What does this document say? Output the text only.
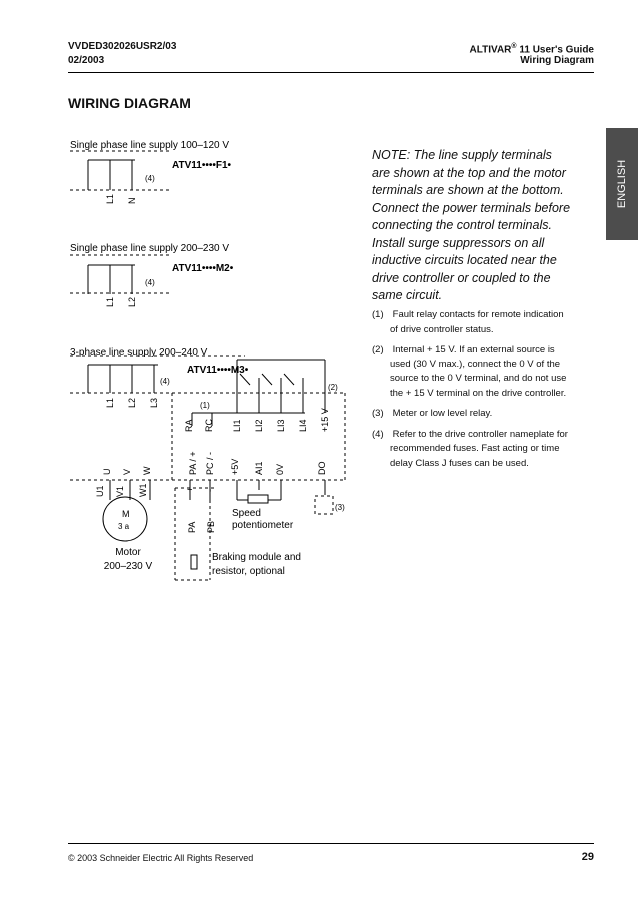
VVDED302026USR2/03
02/2003
ALTIVAR® 11 User's Guide
Wiring Diagram
WIRING DIAGRAM
ENGLISH
NOTE: The line supply terminals
are shown at the top and the motor
terminals are shown at the bottom.
Connect the power terminals before
connecting the control terminals.
Install surge suppressors on all
inductive circuits located near the
drive controller or coupled to the
same circuit.
(1) Fault relay contacts for remote indication
of drive controller status.
(2) Internal + 15 V. If an external source is
used (30 V max.), connect the 0 V of the
source to the 0 V terminal, and do not use
the + 15 V terminal on the drive controller.
(3) Meter or low level relay.
(4) Refer to the drive controller nameplate for
recommended fuses. Fast acting or time
delay Class J fuses can be used.
Single phase line supply 100–120 V
ATV11••••F1•
(4)
L1 N
Single phase line supply 200–230 V
ATV11••••M2•
(4)
L1 L2
3-phase line supply 200–240 V
ATV11••••M3•
(4)
L1 L2 L3	(1)
(2)
RA RC LI1 LI2 LI3 LI4 +15 V
U V W	PA / + PC / - +5V AI1 0V	DO
U1 V1 W1
M
3 a
Motor
200–230 V
+ -
PA PB
Speed
potentiometer
Braking module and
resistor, optional
(3)
© 2003 Schneider Electric All Rights Reserved	29
